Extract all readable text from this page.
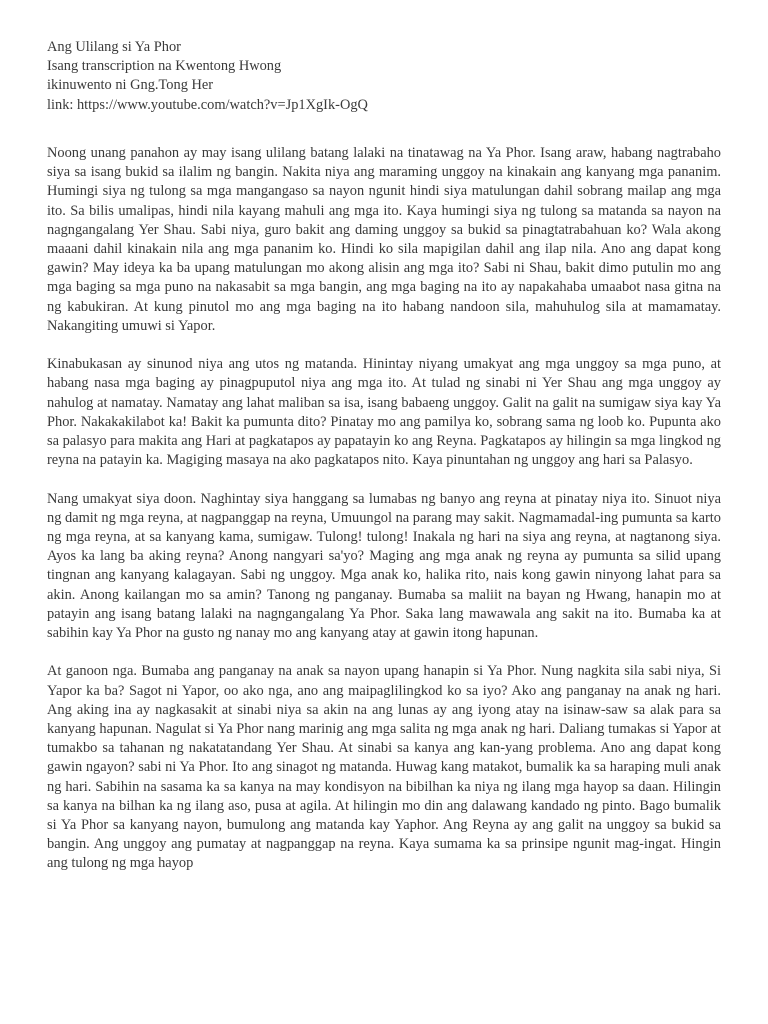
Ang Ulilang si Ya Phor
Isang transcription na Kwentong Hwong
ikinuwento ni Gng.Tong Her
link: https://www.youtube.com/watch?v=Jp1XgIk-OgQ

Noong unang panahon ay may isang ulilang batang lalaki na tinatawag na Ya Phor. Isang araw, habang nagtrabaho siya sa isang bukid sa ilalim ng bangin. Nakita niya ang maraming unggoy na kinakain ang kanyang mga pananim. Humingi siya ng tulong sa mga mangangaso sa nayon ngunit hindi siya matulungan dahil sobrang mailap ang mga ito. Sa bilis umalipas, hindi nila kayang mahuli ang mga ito. Kaya humingi siya ng tulong sa matanda sa nayon na nagngangalang Yer Shau. Sabi niya, guro bakit ang daming unggoy sa bukid sa pinagtatrabahuan ko? Wala akong maaani dahil kinakain nila ang mga pananim ko. Hindi ko sila mapigilan dahil ang ilap nila. Ano ang dapat kong gawin? May ideya ka ba upang matulungan mo akong alisin ang mga ito? Sabi ni Shau, bakit dimo putulin mo ang mga baging sa mga puno na nakasabit sa mga bangin, ang mga baging na ito ay napakahaba umaabot nasa gitna na ng kabukiran. At kung pinutol mo ang mga baging na ito habang nandoon sila, mahuhulog sila at mamamatay. Nakangiting umuwi si Yapor.

Kinabukasan ay sinunod niya ang utos ng matanda. Hinintay niyang umakyat ang mga unggoy sa mga puno, at habang nasa mga baging ay pinagpuputol niya ang mga ito. At tulad ng sinabi ni Yer Shau ang mga unggoy ay nahulog at namatay. Namatay ang lahat maliban sa isa, isang babaeng unggoy. Galit na galit na sumigaw siya kay Ya Phor. Nakakakilabot ka! Bakit ka pumunta dito? Pinatay mo ang pamilya ko, sobrang sama ng loob ko. Pupunta ako sa palasyo para makita ang Hari at pagkatapos ay papatayin ko ang Reyna. Pagkatapos ay hilingin sa mga lingkod ng reyna na patayin ka. Magiging masaya na ako pagkatapos nito. Kaya pinuntahan ng unggoy ang hari sa Palasyo.

Nang umakyat siya doon. Naghintay siya hanggang sa lumabas ng banyo ang reyna at pinatay niya ito. Sinuot niya ng damit ng mga reyna, at nagpanggap na reyna, Umuungol na parang may sakit. Nagmamadal-ing pumunta sa karto ng mga reyna, at sa kanyang kama, sumigaw. Tulong! tulong! Inakala ng hari na siya ang reyna, at nagtanong siya. Ayos ka lang ba aking reyna? Anong nangyari sa'yo? Maging ang mga anak ng reyna ay pumunta sa silid upang tingnan ang kanyang kalagayan. Sabi ng unggoy. Mga anak ko, halika rito, nais kong gawin ninyong lahat para sa akin. Anong kailangan mo sa amin? Tanong ng panganay. Bumaba sa maliit na bayan ng Hwang, hanapin mo at patayin ang isang batang lalaki na nagngangalang Ya Phor. Saka lang mawawala ang sakit na ito. Bumaba ka at sabihin kay Ya Phor na gusto ng nanay mo ang kanyang atay at gawin itong hapunan.

At ganoon nga. Bumaba ang panganay na anak sa nayon upang hanapin si Ya Phor. Nung nagkita sila sabi niya, Si Yapor ka ba? Sagot ni Yapor, oo ako nga, ano ang maipaglilingkod ko sa iyo? Ako ang panganay na anak ng hari. Ang aking ina ay nagkasakit at sinabi niya sa akin na ang lunas ay ang iyong atay na isinaw-saw sa alak para sa kanyang hapunan. Nagulat si Ya Phor nang marinig ang mga salita ng mga anak ng hari. Daliang tumakas si Yapor at tumakbo sa tahanan ng nakatatandang Yer Shau. At sinabi sa kanya ang kan-yang problema. Ano ang dapat kong gawin ngayon? sabi ni Ya Phor. Ito ang sinagot ng matanda. Huwag kang matakot, bumalik ka sa haraping muli anak ng hari. Sabihin na sasama ka sa kanya na may kondisyon na bibilhan ka niya ng ilang mga hayop sa daan. Hilingin sa kanya na bilhan ka ng ilang aso, pusa at agila. At hilingin mo din ang dalawang kandado ng pinto. Bago bumalik si Ya Phor sa kanyang nayon, bumulong ang matanda kay Yaphor. Ang Reyna ay ang galit na unggoy sa bukid sa bangin. Ang unggoy ang pumatay at nagpanggap na reyna. Kaya sumama ka sa prinsipe ngunit mag-ingat. Hingin ang tulong ng mga hayop
